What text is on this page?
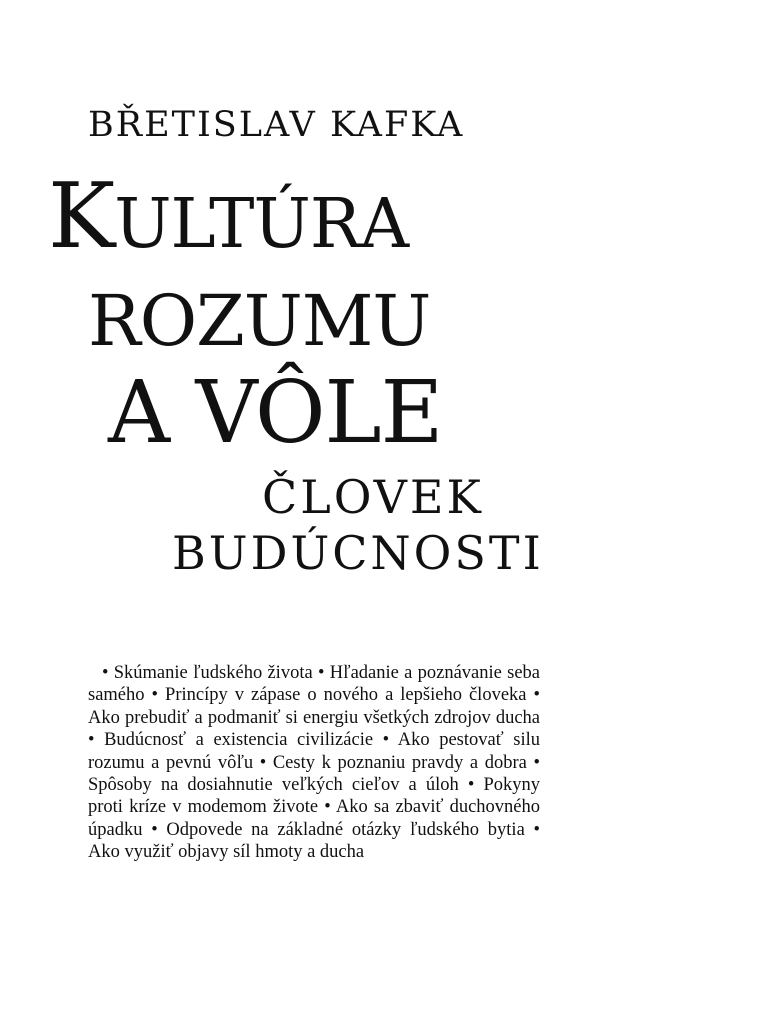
BŘETISLAV KAFKA
KULTÚRA
ROZUMU
A VÔLE
ČLOVEK
BUDÚCNOSTI

• Skúmanie ľudského života • Hľadanie a poznávanie seba samého • Princípy v zápase o nového a lepšieho človeka • Ako prebudiť a podmaniť si energiu všetkých zdrojov ducha • Budúcnosť a existencia civilizácie • Ako pestovať silu rozumu a pevnú vôľu • Cesty k poznaniu pravdy a dobra • Spôsoby na dosiahnutie veľkých cieľov a úloh • Pokyny proti kríze v modemom živote • Ako sa zbaviť duchovného úpadku • Odpovede na základné otázky ľudského bytia • Ako využiť objavy síl hmoty a ducha
